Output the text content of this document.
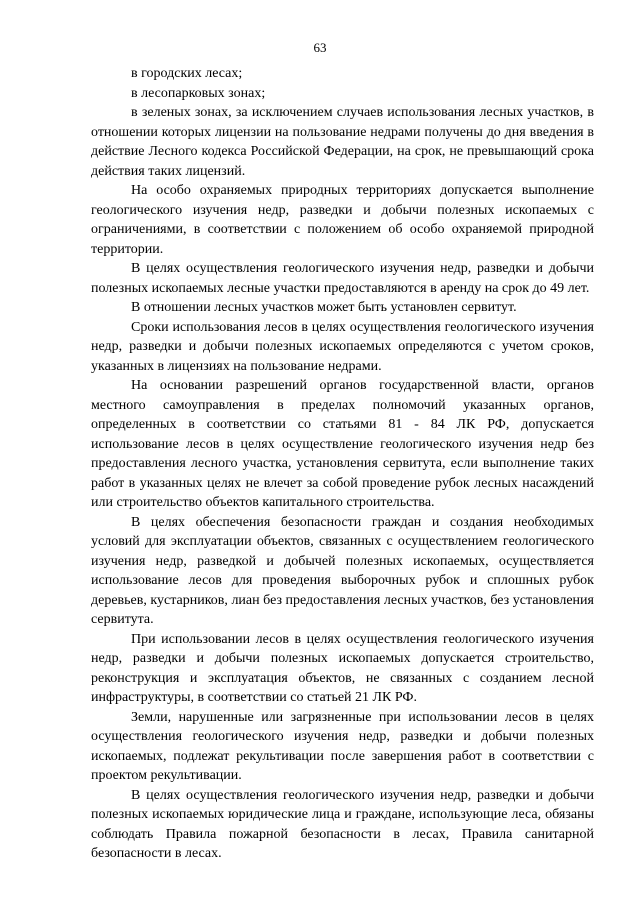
63

в городских лесах;

в лесопарковых зонах;

в зеленых зонах, за исключением случаев использования лесных участков, в отношении которых лицензии на пользование недрами получены до дня введения в действие Лесного кодекса Российской Федерации, на срок, не превышающий срока действия таких лицензий.

На особо охраняемых природных территориях допускается выполнение геологического изучения недр, разведки и добычи полезных ископаемых с ограничениями, в соответствии с положением об особо охраняемой природной территории.

В целях осуществления геологического изучения недр, разведки и добычи полезных ископаемых лесные участки предоставляются в аренду на срок до 49 лет.

В отношении лесных участков может быть установлен сервитут.

Сроки использования лесов в целях осуществления геологического изучения недр, разведки и добычи полезных ископаемых определяются с учетом сроков, указанных в лицензиях на пользование недрами.

На основании разрешений органов государственной власти, органов местного самоуправления в пределах полномочий указанных органов, определенных в соответствии со статьями 81 - 84 ЛК РФ, допускается использование лесов в целях осуществление геологического изучения недр без предоставления лесного участка, установления сервитута, если выполнение таких работ в указанных целях не влечет за собой проведение рубок лесных насаждений или строительство объектов капитального строительства.

В целях обеспечения безопасности граждан и создания необходимых условий для эксплуатации объектов, связанных с осуществлением геологического изучения недр, разведкой и добычей полезных ископаемых, осуществляется использование лесов для проведения выборочных рубок и сплошных рубок деревьев, кустарников, лиан без предоставления лесных участков, без установления сервитута.

При использовании лесов в целях осуществления геологического изучения недр, разведки и добычи полезных ископаемых допускается строительство, реконструкция и эксплуатация объектов, не связанных с созданием лесной инфраструктуры, в соответствии со статьей 21 ЛК РФ.

Земли, нарушенные или загрязненные при использовании лесов в целях осуществления геологического изучения недр, разведки и добычи полезных ископаемых, подлежат рекультивации после завершения работ в соответствии с проектом рекультивации.

В целях осуществления геологического изучения недр, разведки и добычи полезных ископаемых юридические лица и граждане, использующие леса, обязаны соблюдать Правила пожарной безопасности в лесах, Правила санитарной безопасности в лесах.
